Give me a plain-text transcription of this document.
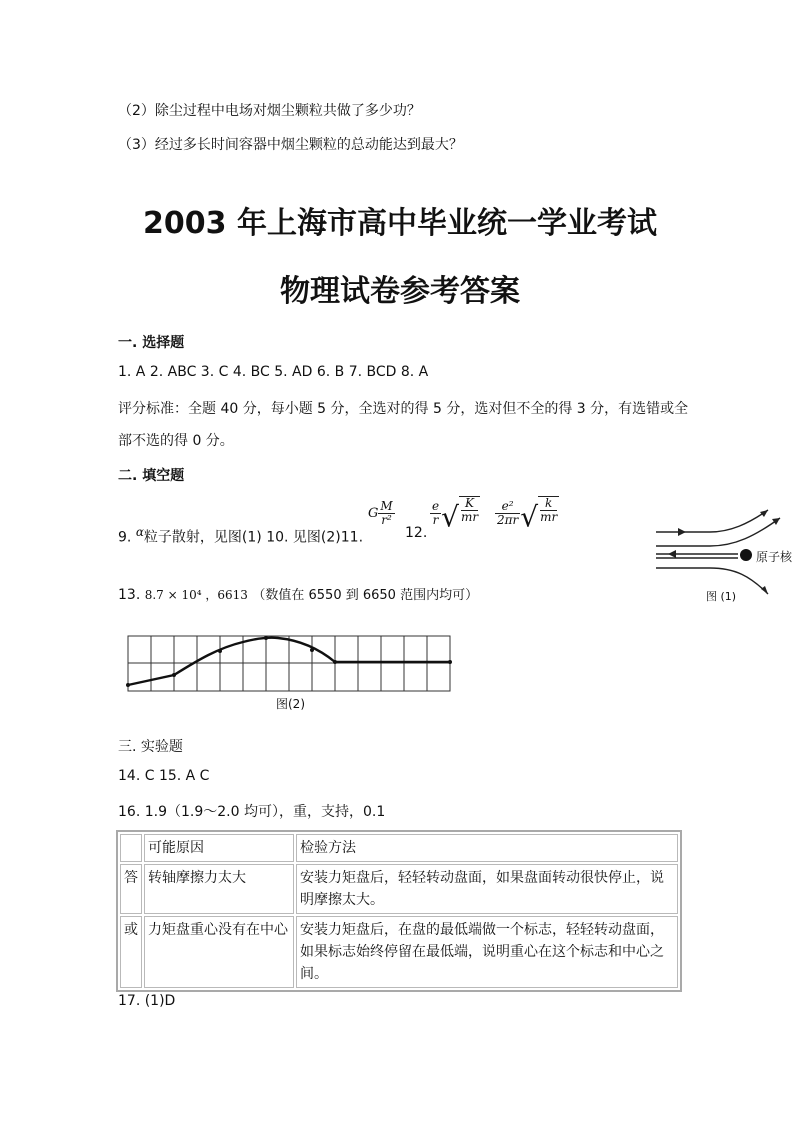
（2）除尘过程中电场对烟尘颗粒共做了多少功？
（3）经过多长时间容器中烟尘颗粒的总动能达到最大？
2003 年上海市高中毕业统一学业考试
物理试卷参考答案
一. 选择题
1. A 2. ABC 3. C 4. BC 5. AD 6. B 7. BCD 8. A
评分标准：全题 40 分，每小题 5 分，全选对的得 5 分，选对但不全的得 3 分，有选错或全
部不选的得 0 分。
二. 填空题
9. α粒子散射，见图(1) 10. 见图(2)11.
G $\frac{M}{\text{r²}}$
12.
$\frac{e}{r}$ √ $\frac{K}{mr}$
$\frac{\text{e²}}{2\pi r}$ √ $\frac{k}{mr}$
13. 8.7 × 10⁴ ，6613 （数值在 6550 到 6650 范围内均可）
原子核
图 (1)
图(2)
三. 实验题
14. C 15. A C
16. 1.9（1.9～2.0 均可），重，支持，0.1
	可能原因	检验方法
答	转轴摩擦力太大	安装力矩盘后，轻轻转动盘面，如果盘面转动很快停止，说明摩擦太大。
或	力矩盘重心没有在中心	安装力矩盘后，在盘的最低端做一个标志，轻轻转动盘面，如果标志始终停留在最低端，说明重心在这个标志和中心之间。
17. (1)D
